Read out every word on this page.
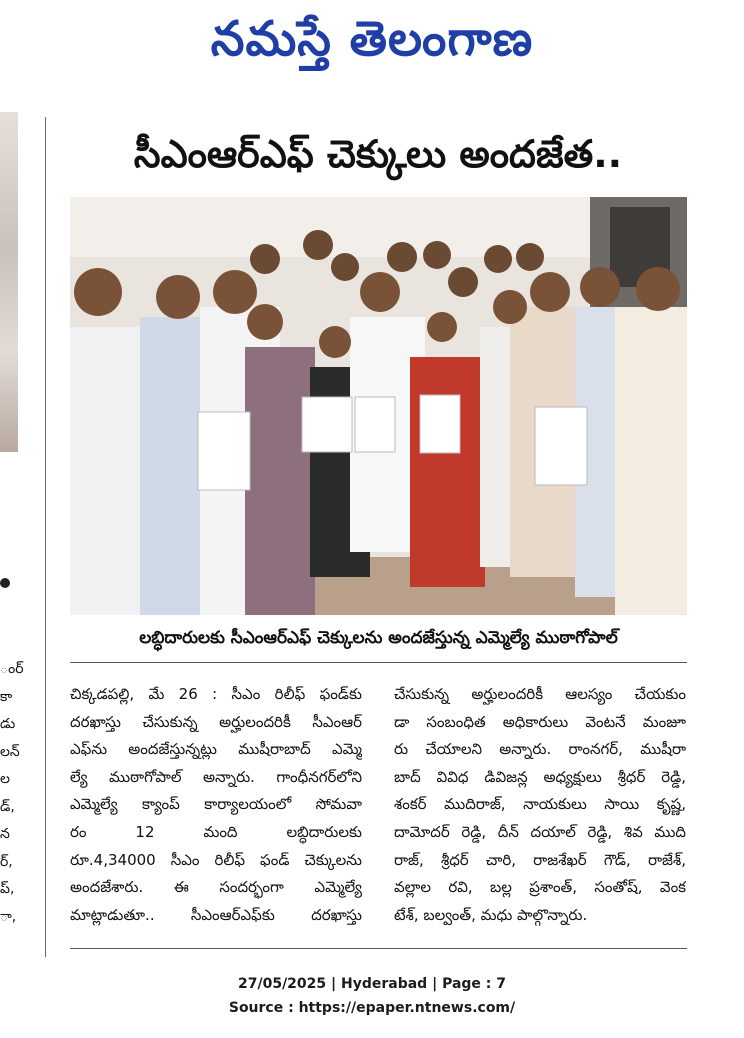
నమస్తే తెలంగాణ
ంర్
కా
డు
లన్
ల
డ్,
న
ర్,
ప్,
ా,
సీఎంఆర్ఎఫ్ చెక్కులు అందజేత..
లబ్ధిదారులకు సీఎంఆర్ఎఫ్ చెక్కులను అందజేస్తున్న ఎమ్మెల్యే ముఠాగోపాల్
చిక్కడపల్లి, మే 26 : సీఎం రిలీఫ్ ఫండ్‌కు
దరఖాస్తు చేసుకున్న అర్హులందరికీ సీఎంఆర్
ఎఫ్‌ను అందజేస్తున్నట్లు ముషీరాబాద్ ఎమ్మె
ల్యే ముఠాగోపాల్ అన్నారు. గాంధీనగర్‌లోని
ఎమ్మెల్యే క్యాంప్ కార్యాలయంలో సోమవా
రం 12 మంది లబ్ధిదారులకు
రూ.4,34000 సీఎం రిలీఫ్ ఫండ్ చెక్కులను
అందజేశారు. ఈ సందర్భంగా ఎమ్మెల్యే
మాట్లాడుతూ.. సీఎంఆర్ఎఫ్‌కు దరఖాస్తు
చేసుకున్న అర్హులందరికీ ఆలస్యం చేయకుం
డా సంబంధిత అధికారులు వెంటనే మంజూ
రు చేయాలని అన్నారు. రాంనగర్, ముషీరా
బాద్ వివిధ డివిజన్ల అధ్యక్షులు శ్రీధర్ రెడ్డి,
శంకర్ ముదిరాజ్, నాయకులు సాయి కృష్ణ,
దామోదర్ రెడ్డి, దీన్ దయాల్ రెడ్డి, శివ ముది
రాజ్, శ్రీధర్ చారి, రాజశేఖర్ గౌడ్, రాజేశ్,
వల్లాల రవి, బల్ల ప్రశాంత్, సంతోష్, వెంక
టేశ్, బల్వంత్, మధు పాల్గొన్నారు.
27/05/2025 | Hyderabad | Page : 7
Source : https://epaper.ntnews.com/
